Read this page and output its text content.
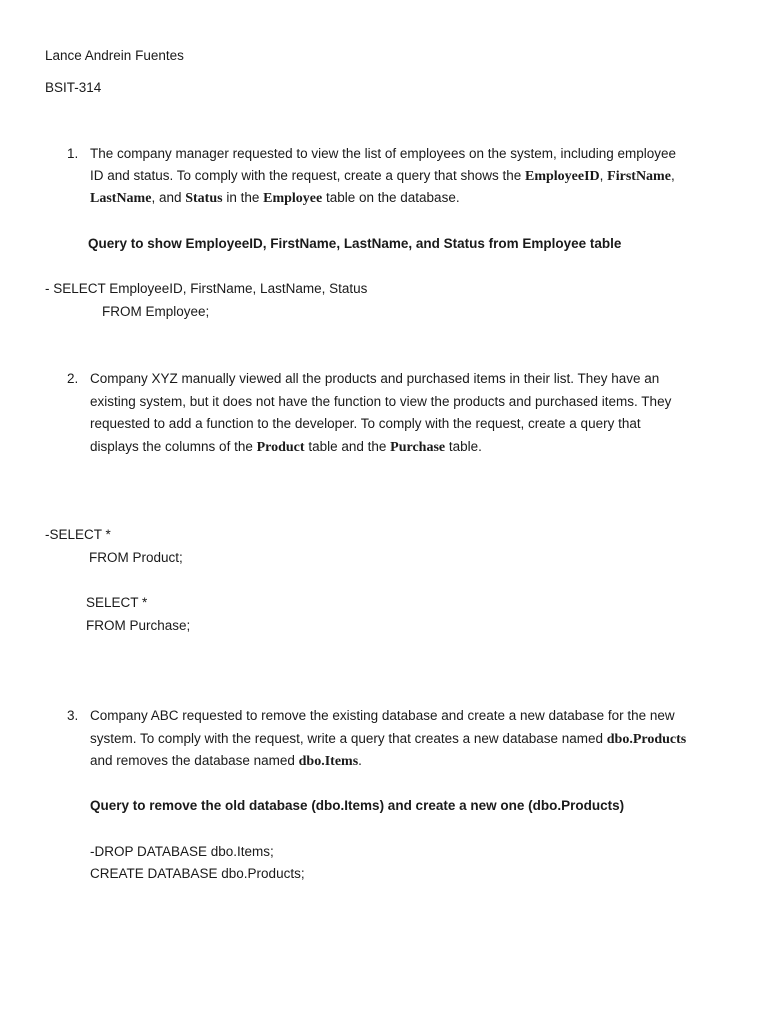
Lance Andrein Fuentes
BSIT-314
1. The company manager requested to view the list of employees on the system, including employee
ID and status. To comply with the request, create a query that shows the EmployeeID, FirstName,
LastName, and Status in the Employee table on the database.
Query to show EmployeeID, FirstName, LastName, and Status from Employee table
- SELECT EmployeeID, FirstName, LastName, Status
FROM Employee;
2. Company XYZ manually viewed all the products and purchased items in their list. They have an
existing system, but it does not have the function to view the products and purchased items. They
requested to add a function to the developer. To comply with the request, create a query that
displays the columns of the Product table and the Purchase table.
-SELECT *
FROM Product;
SELECT *
FROM Purchase;
3. Company ABC requested to remove the existing database and create a new database for the new
system. To comply with the request, write a query that creates a new database named dbo.Products
and removes the database named dbo.Items.
Query to remove the old database (dbo.Items) and create a new one (dbo.Products)
-DROP DATABASE dbo.Items;
CREATE DATABASE dbo.Products;
